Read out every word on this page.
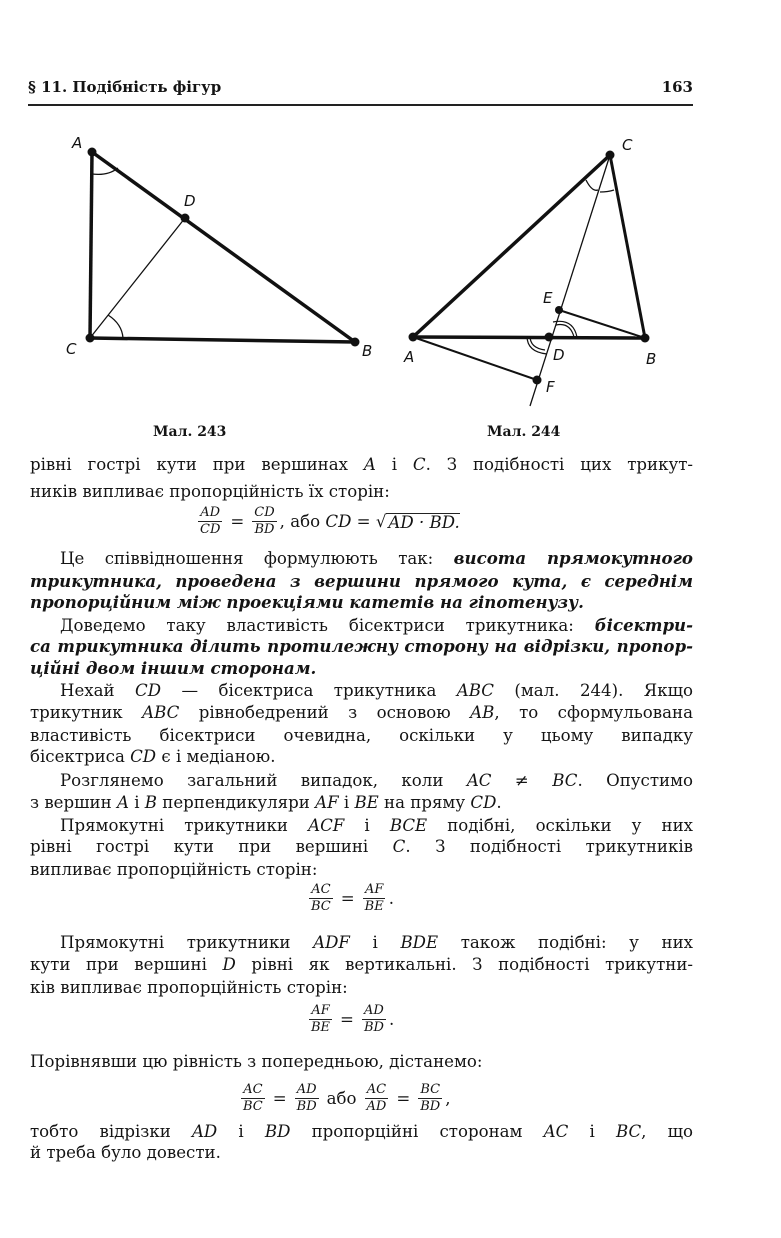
§ 11. Подібність фігур	163
A
D
C	B
C
E
A	D	B
F
Мал. 243	Мал. 244
рівні гострі кути при вершинах A і C. З подібності цих трикут-
ників випливає пропорційність їх сторін:
Це співвідношення формулюють так: висота прямокутного
трикутника, проведена з вершини прямого кута, є середнім
пропорційним між проекціями катетів на гіпотенузу.
Доведемо таку властивість бісектриси трикутника: бісектри-
са трикутника ділить протилежну сторону на відрізки, пропор-
ційні двом іншим сторонам.
Нехай CD — бісектриса трикутника ABC (мал. 244). Якщо
трикутник ABC рівнобедрений з основою AB, то сформульована
властивість бісектриси очевидна, оскільки у цьому випадку
бісектриса CD є і медіаною.
Розглянемо загальний випадок, коли AC ≠ BC. Опустимо
з вершин A і B перпендикуляри AF і BE на пряму CD.
Прямокутні трикутники ACF і BCE подібні, оскільки у них
рівні гострі кути при вершині C. З подібності трикутників
випливає пропорційність сторін:
Прямокутні трикутники ADF і BDE також подібні: у них
кути при вершині D рівні як вертикальні. З подібності трикутни-
ків випливає пропорційність сторін:
Порівнявши цю рівність з попередньою, дістанемо:
тобто відрізки AD і BD пропорційні сторонам AC і BC, що
й треба було довести.
$\frac{AD}{CD} = \frac{CD}{BD}$ , або
CD =
√ AD · BD.
$\frac{AC}{BC} = \frac{AF}{BE}$ .
$\frac{AF}{BE} = \frac{AD}{BD}$ .
$\frac{AC}{BC} = \frac{AD}{BD}$ або $\frac{AC}{AD} = \frac{BC}{BD}$ ,
